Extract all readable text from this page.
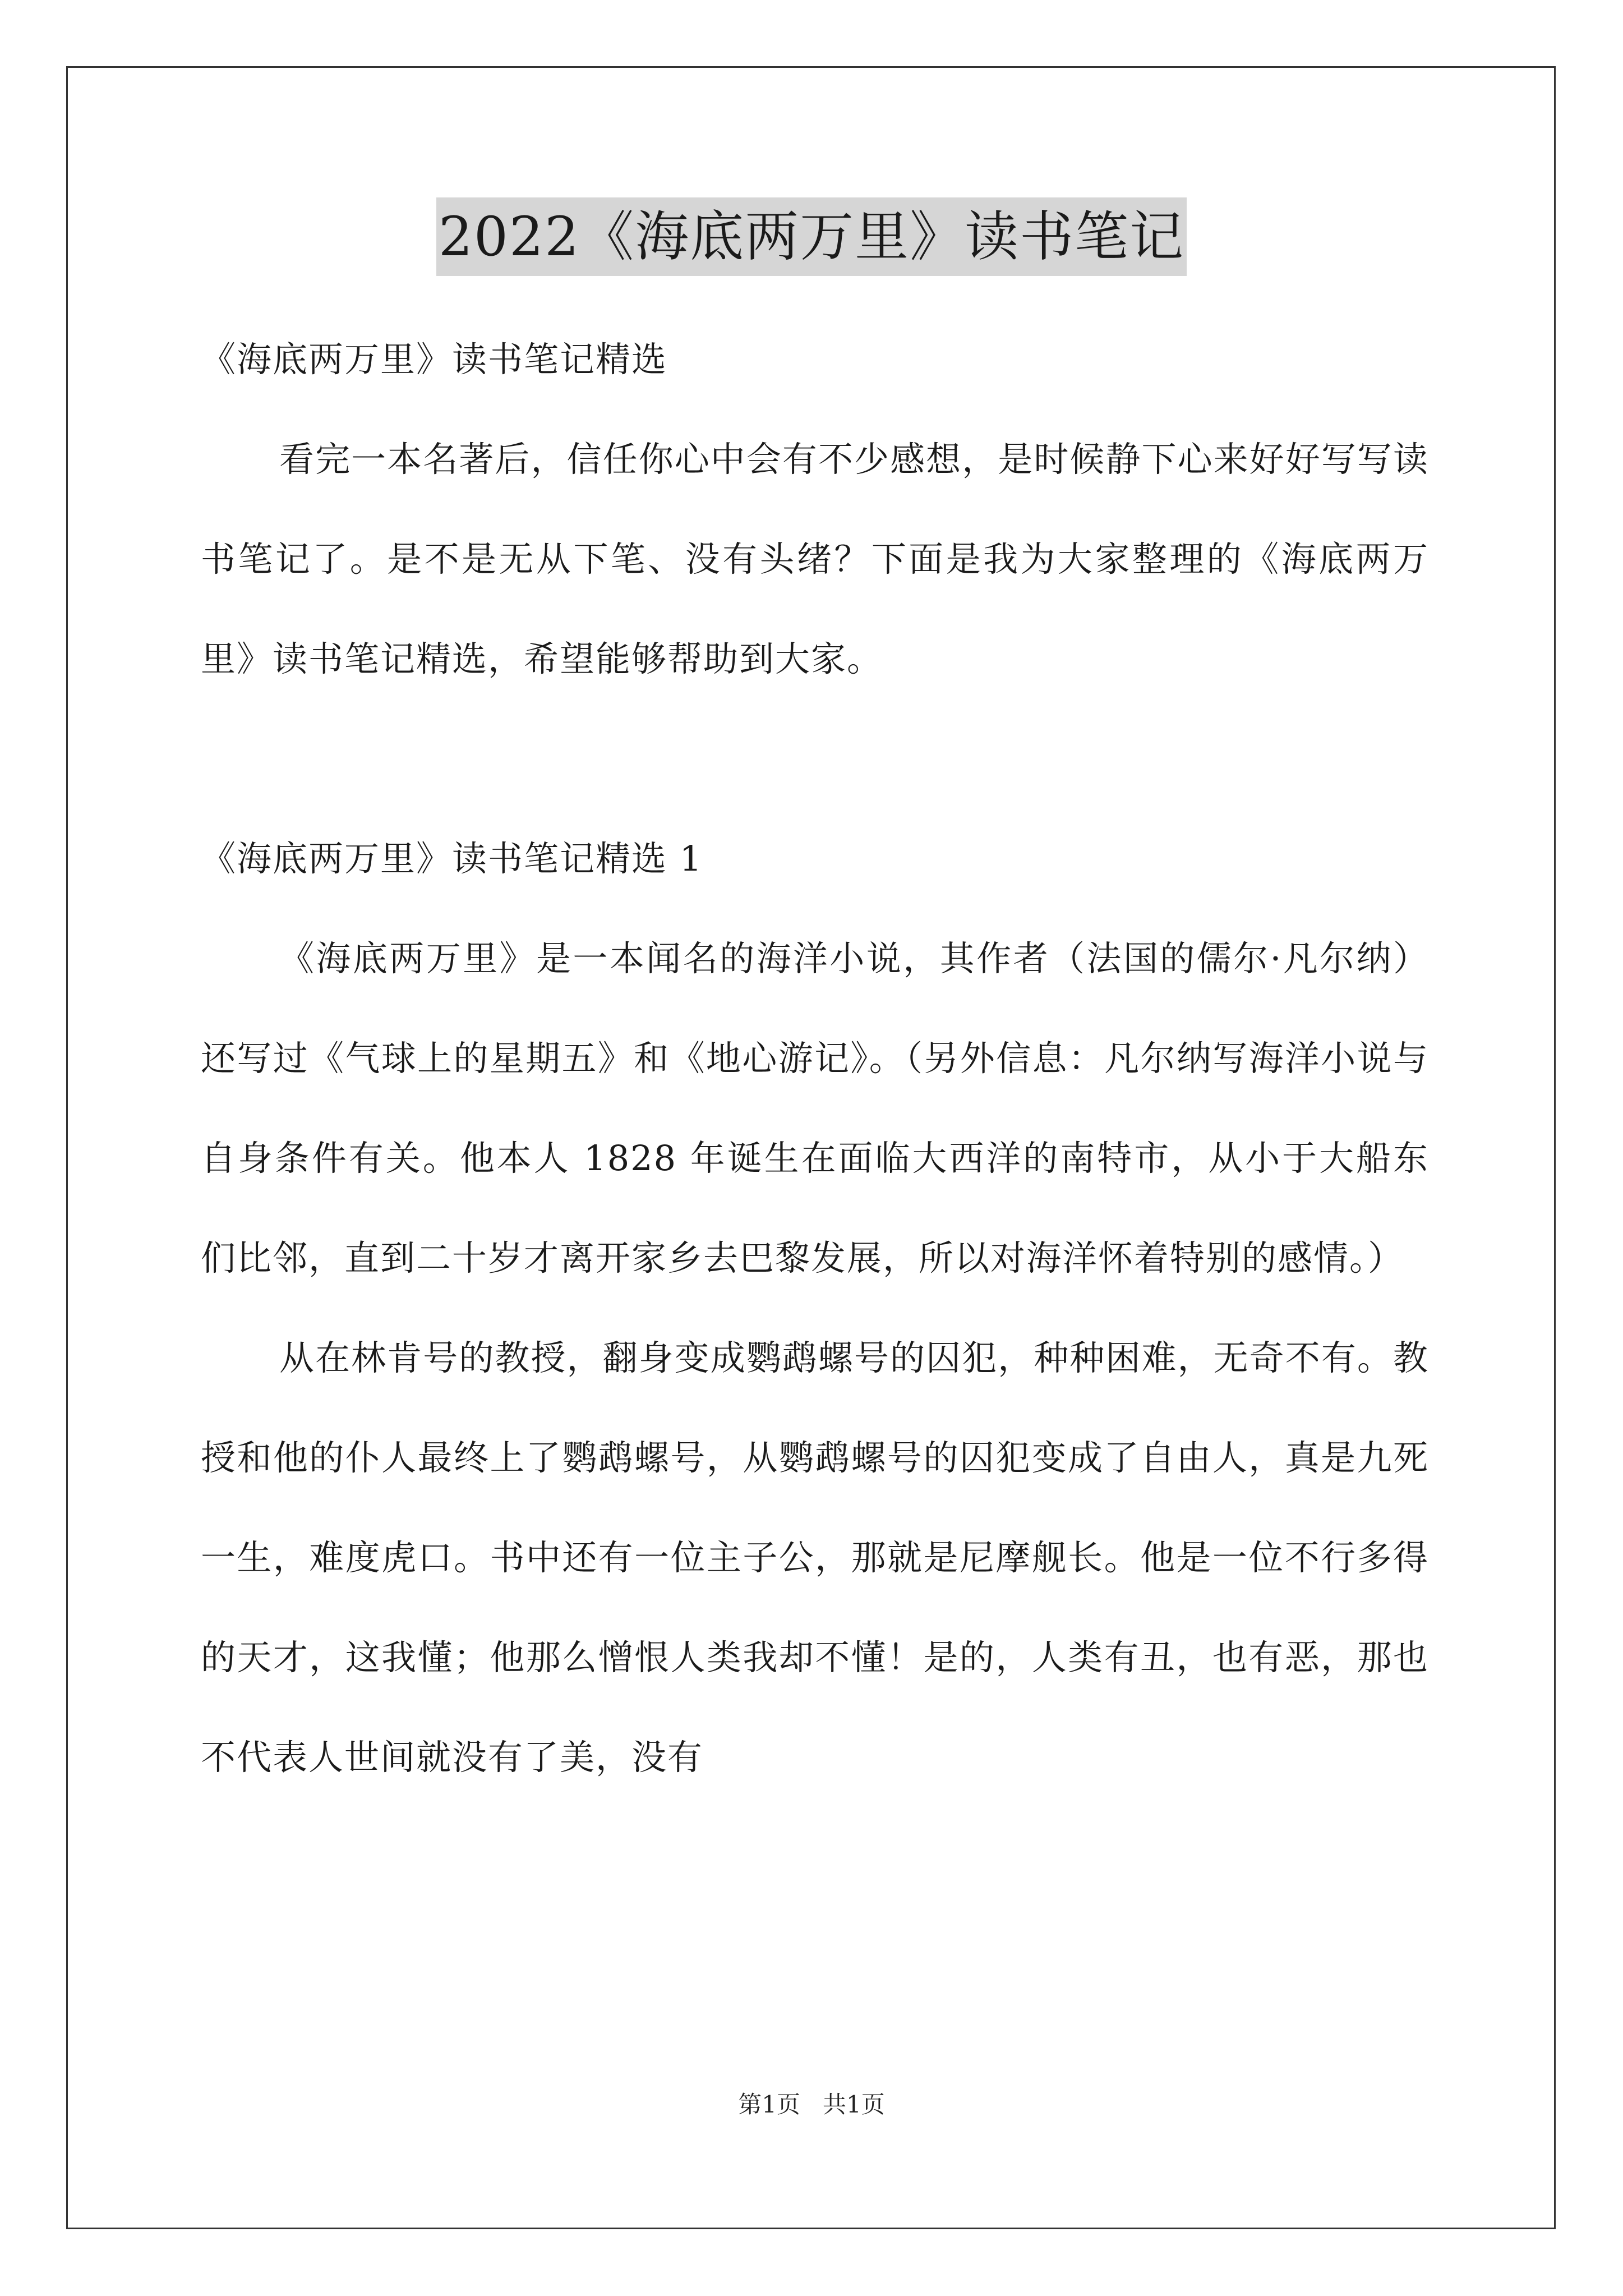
2022《海底两万里》读书笔记

《海底两万里》读书笔记精选

看完一本名著后，信任你心中会有不少感想，是时候静下心来好好写写读书笔记了。是不是无从下笔、没有头绪？下面是我为大家整理的《海底两万里》读书笔记精选，希望能够帮助到大家。

《海底两万里》读书笔记精选 1

《海底两万里》是一本闻名的海洋小说，其作者（法国的儒尔·凡尔纳）还写过《气球上的星期五》和《地心游记》。（另外信息：凡尔纳写海洋小说与自身条件有关。他本人 1828 年诞生在面临大西洋的南特市，从小于大船东们比邻，直到二十岁才离开家乡去巴黎发展，所以对海洋怀着特别的感情。）

从在林肯号的教授，翻身变成鹦鹉螺号的囚犯，种种困难，无奇不有。教授和他的仆人最终上了鹦鹉螺号，从鹦鹉螺号的囚犯变成了自由人，真是九死一生，难度虎口。书中还有一位主子公，那就是尼摩舰长。他是一位不行多得的天才，这我懂；他那么憎恨人类我却不懂！是的，人类有丑，也有恶，那也不代表人世间就没有了美，没有

第1页   共1页
